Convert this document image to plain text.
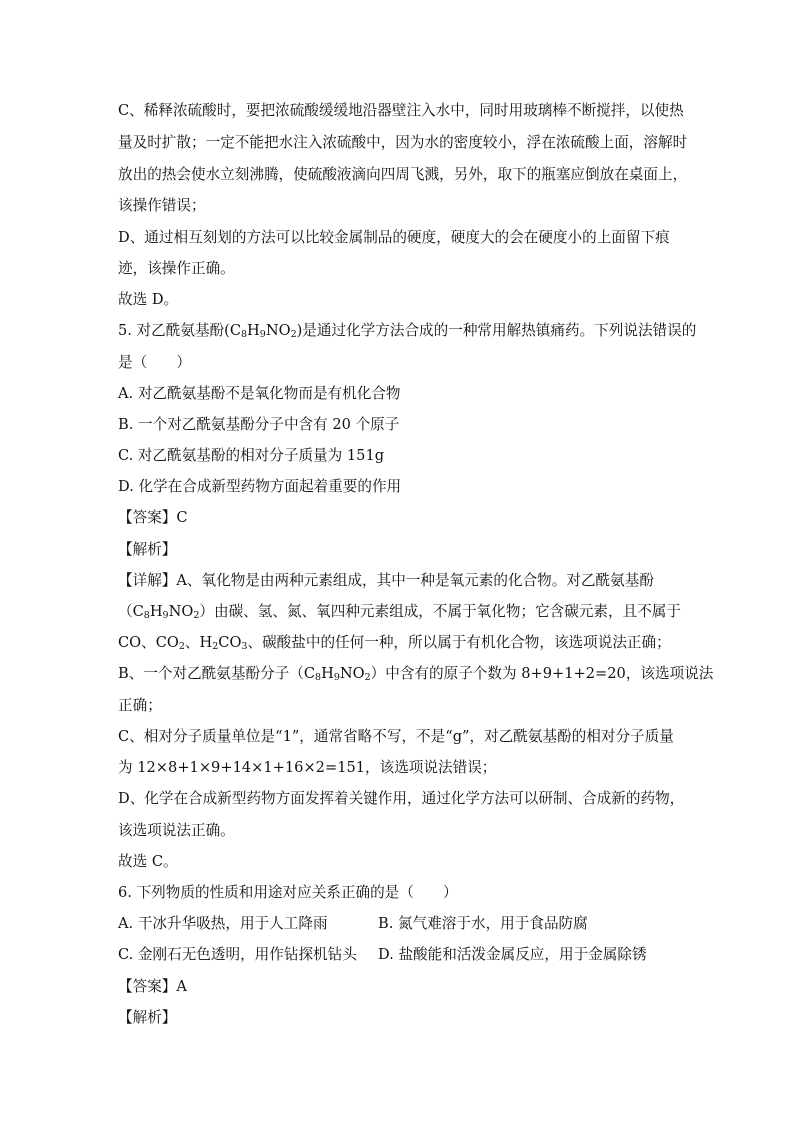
C、稀释浓硫酸时，要把浓硫酸缓缓地沿器壁注入水中，同时用玻璃棒不断搅拌，以使热
量及时扩散；一定不能把水注入浓硫酸中，因为水的密度较小，浮在浓硫酸上面，溶解时
放出的热会使水立刻沸腾，使硫酸液滴向四周飞溅，另外，取下的瓶塞应倒放在桌面上，
该操作错误；
D、通过相互刻划的方法可以比较金属制品的硬度，硬度大的会在硬度小的上面留下痕
迹，该操作正确。
故选 D。
5. 对乙酰氨基酚$(C_8H_9NO_2)$是通过化学方法合成的一种常用解热镇痛药。下列说法错误的
是（　　）
A. 对乙酰氨基酚不是氧化物而是有机化合物
B. 一个对乙酰氨基酚分子中含有 20 个原子
C. 对乙酰氨基酚的相对分子质量为 151g
D. 化学在合成新型药物方面起着重要的作用
【答案】C
【解析】
【详解】A、氧化物是由两种元素组成，其中一种是氧元素的化合物。对乙酰氨基酚
$(C_8H_9NO_2)$由碳、氢、氮、氧四种元素组成，不属于氧化物；它含碳元素，且不属于
CO、$CO_2$、$H_2CO_3$、碳酸盐中的任何一种，所以属于有机化合物，该选项说法正确；
B、一个对乙酰氨基酚分子$(C_8H_9NO_2)$中含有的原子个数为 8+9+1+2=20，该选项说法
正确；
C、相对分子质量单位是“1”，通常省略不写，不是“g”，对乙酰氨基酚的相对分子质量
为 12×8+1×9+14×1+16×2=151，该选项说法错误；
D、化学在合成新型药物方面发挥着关键作用，通过化学方法可以研制、合成新的药物，
该选项说法正确。
故选 C。
6. 下列物质的性质和用途对应关系正确的是（　　）
A. 干冰升华吸热，用于人工降雨	B. 氮气难溶于水，用于食品防腐
C. 金刚石无色透明，用作钻探机钻头 D. 盐酸能和活泼金属反应，用于金属除锈
【答案】A
【解析】
